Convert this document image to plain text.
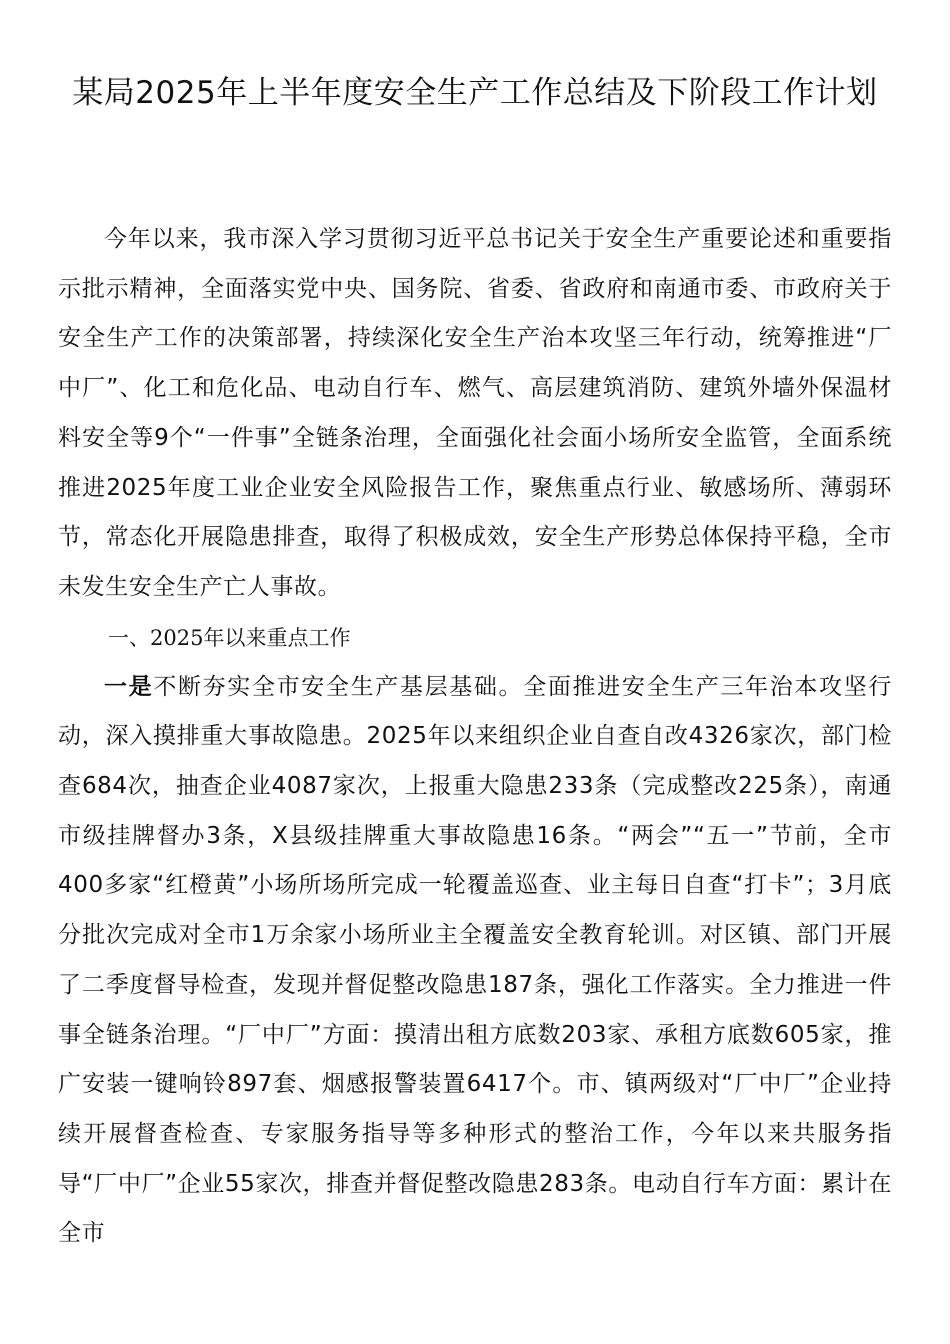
某局2025年上半年度安全生产工作总结及下阶段工作计划

今年以来，我市深入学习贯彻习近平总书记关于安全生产重要论述和重要指示批示精神，全面落实党中央、国务院、省委、省政府和南通市委、市政府关于安全生产工作的决策部署，持续深化安全生产治本攻坚三年行动，统筹推进“厂中厂”、化工和危化品、电动自行车、燃气、高层建筑消防、建筑外墙外保温材料安全等9个“一件事”全链条治理，全面强化社会面小场所安全监管，全面系统推进2025年度工业企业安全风险报告工作，聚焦重点行业、敏感场所、薄弱环节，常态化开展隐患排查，取得了积极成效，安全生产形势总体保持平稳，全市未发生安全生产亡人事故。

一、2025年以来重点工作

一是不断夯实全市安全生产基层基础。全面推进安全生产三年治本攻坚行动，深入摸排重大事故隐患。2025年以来组织企业自查自改4326家次，部门检查684次，抽查企业4087家次，上报重大隐患233条（完成整改225条），南通市级挂牌督办3条，X县级挂牌重大事故隐患16条。“两会”“五一”节前，全市400多家“红橙黄”小场所场所完成一轮覆盖巡查、业主每日自查“打卡”；3月底分批次完成对全市1万余家小场所业主全覆盖安全教育轮训。对区镇、部门开展了二季度督导检查，发现并督促整改隐患187条，强化工作落实。全力推进一件事全链条治理。“厂中厂”方面：摸清出租方底数203家、承租方底数605家，推广安装一键响铃897套、烟感报警装置6417个。市、镇两级对“厂中厂”企业持续开展督查检查、专家服务指导等多种形式的整治工作，今年以来共服务指导“厂中厂”企业55家次，排查并督促整改隐患283条。电动自行车方面：累计在全市
